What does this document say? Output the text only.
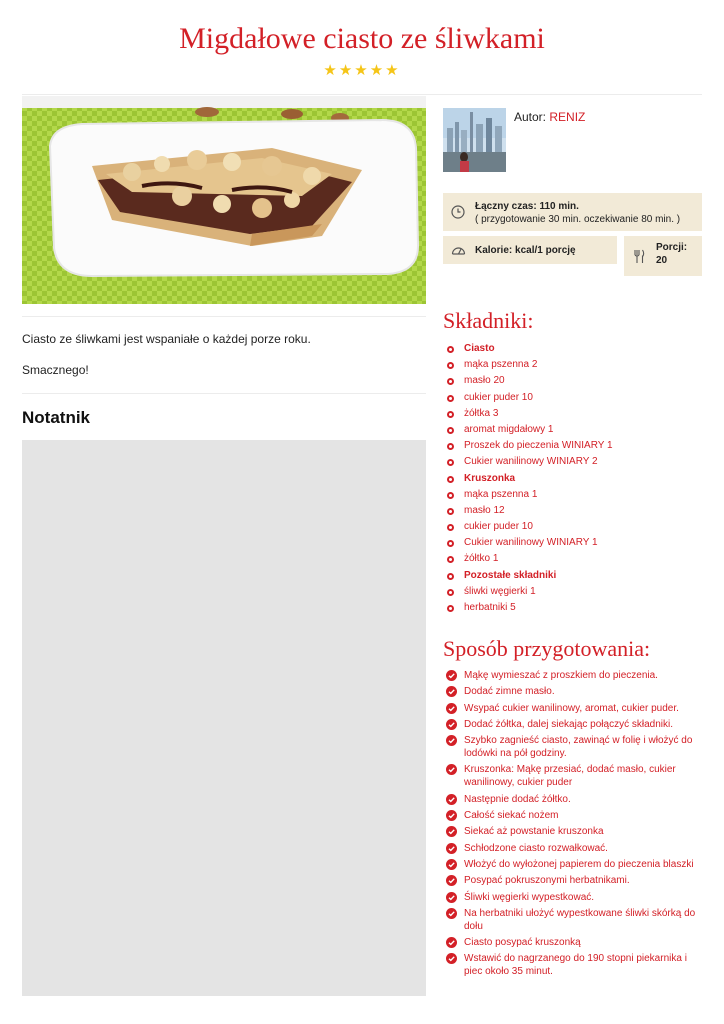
Migdałowe ciasto ze śliwkami
★★★★★

Ciasto ze śliwkami jest wspaniałe o każdej porze roku.

Smacznego!

Notatnik
Autor: RENIZ
Łączny czas: 110 min.
( przygotowanie 30 min. oczekiwanie 80 min. )
Kalorie: kcal/1 porcję	Porcji:
20
Składniki:
Ciasto
mąka pszenna 2
masło 20
cukier puder 10
żółtka 3
aromat migdałowy 1
Proszek do pieczenia WINIARY 1
Cukier wanilinowy WINIARY 2
Kruszonka
mąka pszenna 1
masło 12
cukier puder 10
Cukier wanilinowy WINIARY 1
żółtko 1
Pozostałe składniki
śliwki węgierki 1
herbatniki 5
Sposób przygotowania:
Mąkę wymieszać z proszkiem do pieczenia.
Dodać zimne masło.
Wsypać cukier wanilinowy, aromat, cukier puder.
Dodać żółtka, dalej siekając połączyć składniki.
Szybko zagnieść ciasto, zawinąć w folię i włożyć do lodówki na pół godziny.
Kruszonka: Mąkę przesiać, dodać masło, cukier wanilinowy, cukier puder
Następnie dodać żółtko.
Całość siekać nożem
Siekać aż powstanie kruszonka
Schłodzone ciasto rozwałkować.
Włożyć do wyłożonej papierem do pieczenia blaszki
Posypać pokruszonymi herbatnikami.
Śliwki węgierki wypestkować.
Na herbatniki ułożyć wypestkowane śliwki skórką do dołu
Ciasto posypać kruszonką
Wstawić do nagrzanego do 190 stopni piekarnika i piec około 35 minut.
